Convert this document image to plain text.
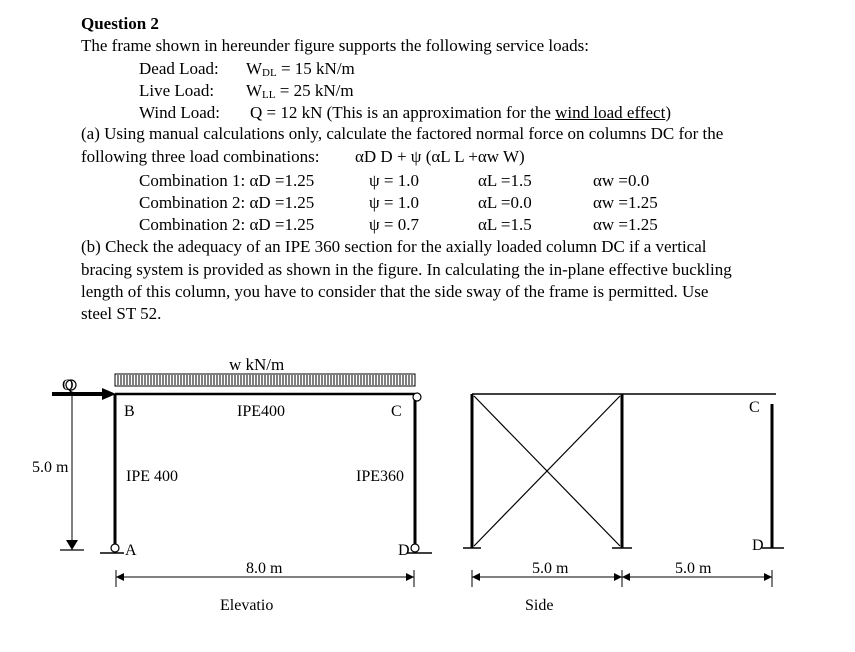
Question 2
The frame shown in hereunder figure supports the following service loads:
Dead Load: $W_{DL} = 15$ kN/m
Live Load: $W_{LL} = 25$ kN/m
Wind Load: Q = 12 kN (This is an approximation for the wind load effect)
(a) Using manual calculations only, calculate the factored normal force on columns DC for the
following three load combinations: αD D + ψ (αL L +αw W)
Combination 1: αD =1.25	ψ = 1.0	αL =1.5	αw =0.0
Combination 2: αD =1.25	ψ = 1.0	αL =0.0	αw =1.25
Combination 2: αD =1.25	ψ = 0.7	αL =1.5	αw =1.25
(b) Check the adequacy of an IPE 360 section for the axially loaded column DC if a vertical
bracing system is provided as shown in the figure. In calculating the in-plane effective buckling
length of this column, you have to consider that the side sway of the frame is permitted. Use
steel ST 52.
w kN/m
Q
B	C
A	D
IPE400
IPE 400	IPE360
5.0 m
8.0 m
Elevatio
C
D
5.0 m	5.0 m
Side
